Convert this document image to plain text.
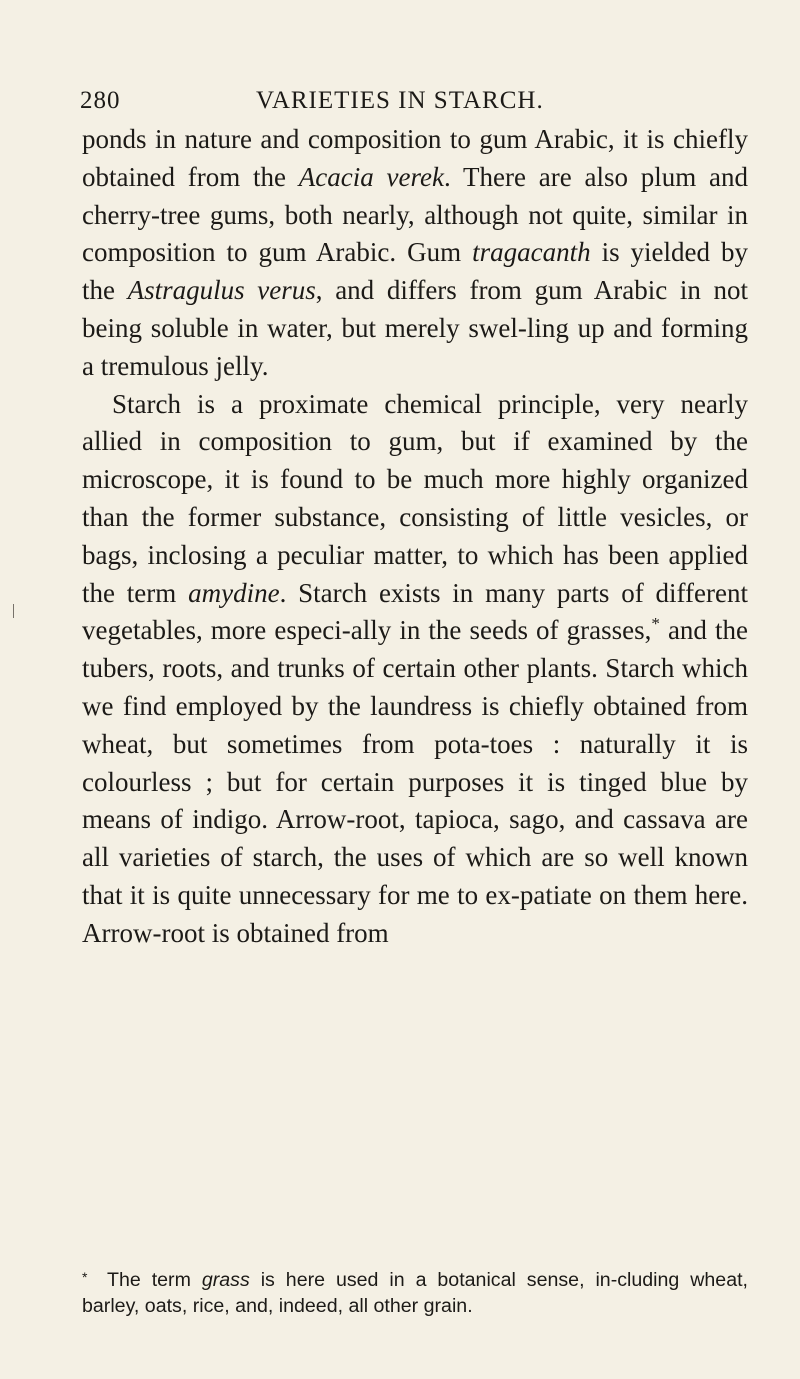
280	VARIETIES IN STARCH.

ponds in nature and composition to gum Arabic, it is chiefly obtained from the Acacia verek. There are also plum and cherry-tree gums, both nearly, although not quite, similar in composition to gum Arabic. Gum tragacanth is yielded by the Astragulus verus, and differs from gum Arabic in not being soluble in water, but merely swel-ling up and forming a tremulous jelly.

Starch is a proximate chemical principle, very nearly allied in composition to gum, but if examined by the microscope, it is found to be much more highly organized than the former substance, consisting of little vesicles, or bags, inclosing a peculiar matter, to which has been applied the term amydine. Starch exists in many parts of different vegetables, more especi-ally in the seeds of grasses,* and the tubers, roots, and trunks of certain other plants. Starch which we find employed by the laundress is chiefly obtained from wheat, but sometimes from pota-toes : naturally it is colourless ; but for certain purposes it is tinged blue by means of indigo. Arrow-root, tapioca, sago, and cassava are all varieties of starch, the uses of which are so well known that it is quite unnecessary for me to ex-patiate on them here. Arrow-root is obtained from

* The term grass is here used in a botanical sense, in-cluding wheat, barley, oats, rice, and, indeed, all other grain.
